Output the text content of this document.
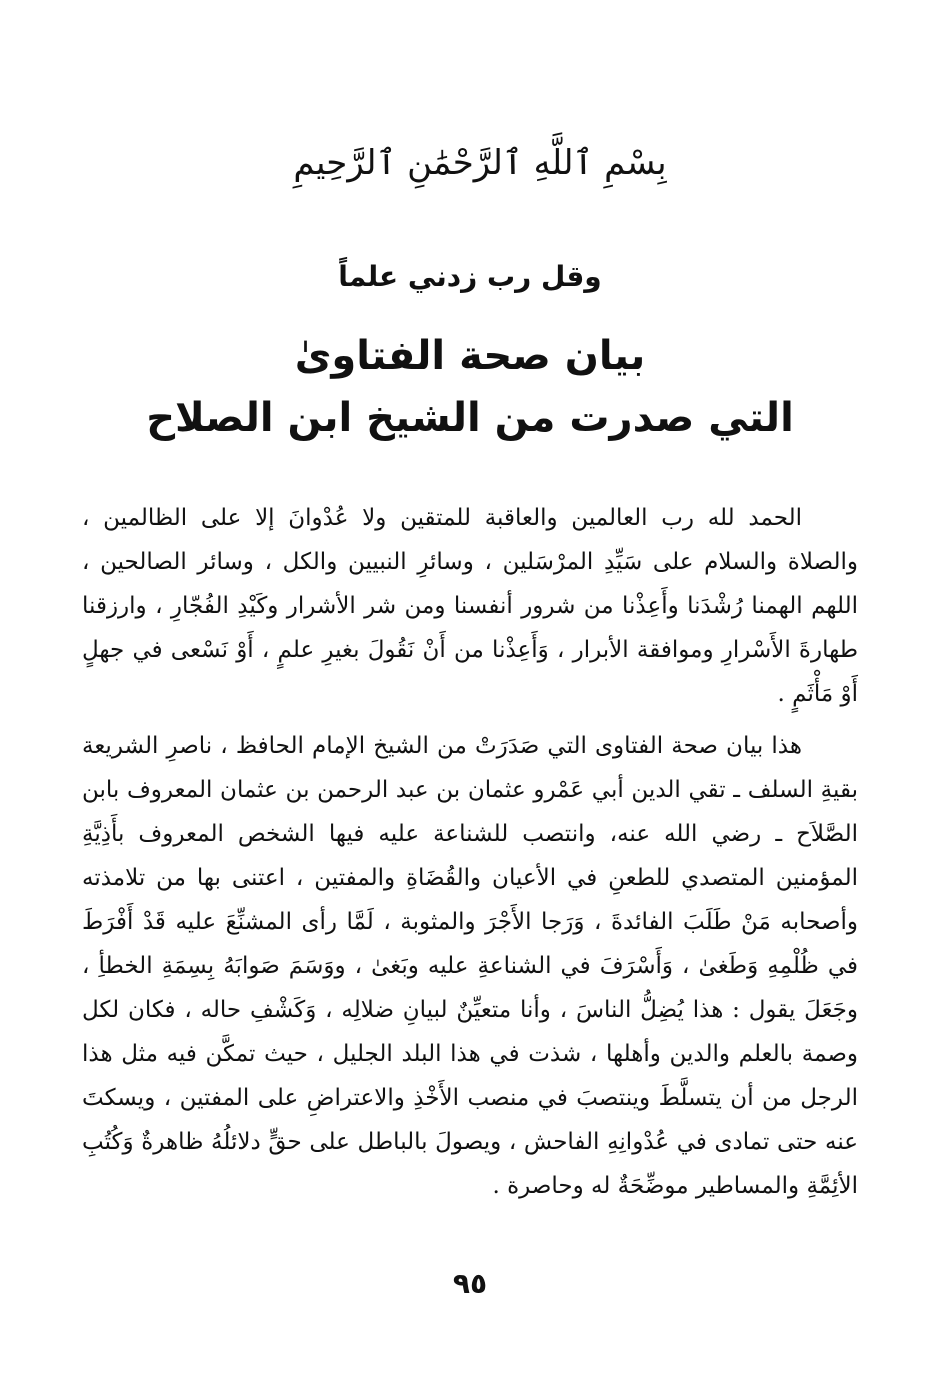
بِسْمِ ٱللَّهِ ٱلرَّحْمَٰنِ ٱلرَّحِيمِ
وقل رب زدني علماً
بيان صحة الفتاوىٰ
التي صدرت من الشيخ ابن الصلاح

الحمد لله رب العالمين والعاقبة للمتقين ولا عُدْوانَ إلا على الظالمين ، والصلاة والسلام على سَيِّدِ المرْسَلين ، وسائرِ النبيين والكل ، وسائر الصالحين ، اللهم الهمنا رُشْدَنا وأَعِذْنا من شرور أنفسنا ومن شر الأشرار وكَيْدِ الفُجّارِ ، وارزقنا طهارةَ الأَسْرارِ وموافقة الأبرار ، وَأَعِذْنا من أَنْ نَقُولَ بغيرِ علمٍ ، أَوْ نَسْعى في جهلٍ أَوْ مَأْثَمٍ .

هذا بيان صحة الفتاوى التي صَدَرَتْ من الشيخ الإمام الحافظ ، ناصرِ الشريعة بقيةِ السلف ـ تقي الدين أبي عَمْرو عثمان بن عبد الرحمن بن عثمان المعروف بابن الصَّلاَح ـ رضي الله عنه، وانتصب للشناعة عليه فيها الشخص المعروف بأَذِيَّةِ المؤمنين المتصدي للطعنِ في الأعيان والقُضَاةِ والمفتين ، اعتنى بها من تلامذته وأصحابه مَنْ طَلَبَ الفائدةَ ، وَرَجا الأَجْرَ والمثوبة ، لَمَّا رأى المشنِّعَ عليه قَدْ أَفْرَطَ في ظُلْمِهِ وَطَغىٰ ، وَأَسْرَفَ في الشناعةِ عليه وبَغىٰ ، ووَسَمَ صَوابَهُ بِسِمَةِ الخطأِ ، وجَعَلَ يقول : هذا يُضِلُّ الناسَ ، وأنا متعيِّنٌ لبيانِ ضلالِه ، وَكَشْفِ حاله ، فكان لكل وصمة بالعلم والدين وأهلها ، شذت في هذا البلد الجليل ، حيث تمكَّن فيه مثل هذا الرجل من أن يتسلَّطَ وينتصبَ في منصب الأَخْذِ والاعتراضِ على المفتين ، ويسكتَ عنه حتى تمادى في عُدْوانِهِ الفاحش ، ويصولَ بالباطل على حقٍّ دلائلُهُ ظاهرةٌ وَكُتُبِ الأئِمَّةِ والمساطير موضِّحَةٌ له وحاصرة .

٩٥
